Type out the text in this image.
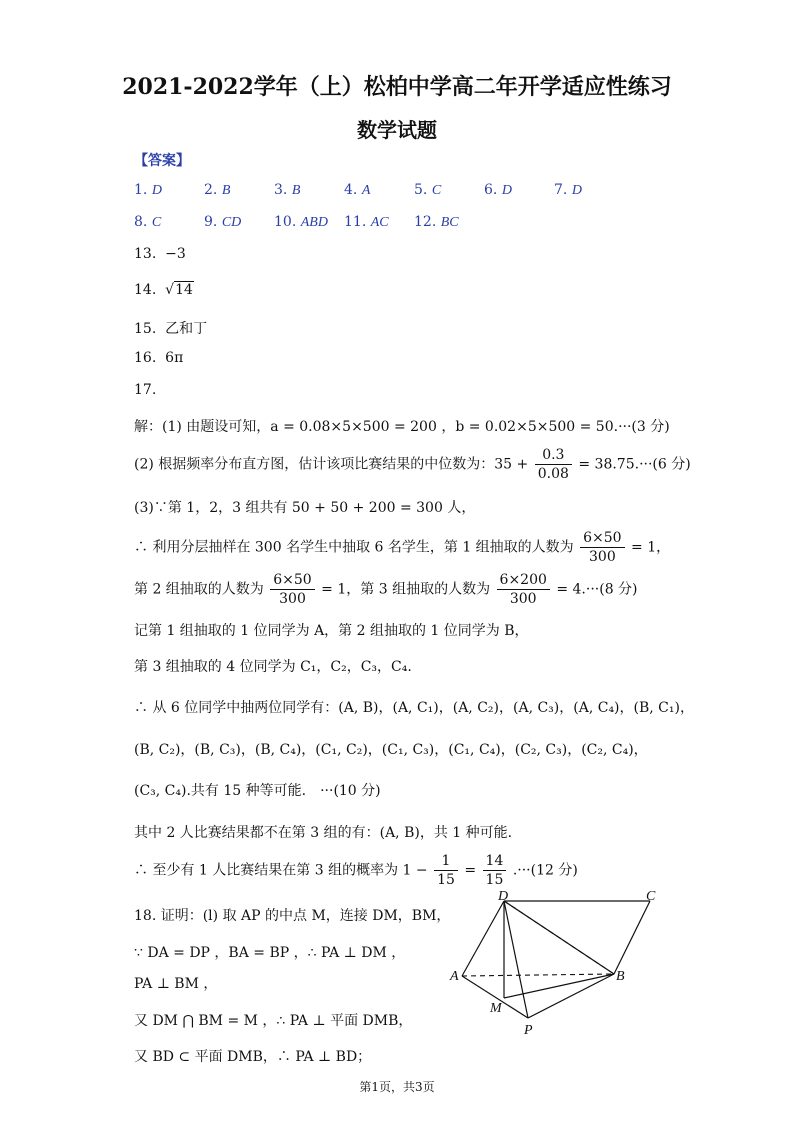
2021-2022学年（上）松柏中学高二年开学适应性练习
数学试题
【答案】
1. D	2. B	3. B	4. A	5. C	6. D	7. D
8. C	9. CD 10. ABD 11. AC 12. BC
13. −3
14.  √14
15. 乙和丁
16. 6π
17.
解：(1) 由题设可知，a = 0.08×5×500 = 200 ，b = 0.02×5×500 = 50.···(3 分)
(2) 根据频率分布直方图，估计该项比赛结果的中位数为：$35 + \frac{0.3}{0.08} = 38.75.\cdot\cdot\cdot(6$ 分)
(3)∵第 1，2，3 组共有 50 + 50 + 200 = 300 人，
∴ 利用分层抽样在 300 名学生中抽取 6 名学生，第 1 组抽取的人数为 $\frac{6\times 50}{300} = 1$，
第 2 组抽取的人数为 $\frac{6\times 50}{300} = 1$，第 3 组抽取的人数为 $\frac{6\times 200}{300} = 4.\cdot\cdot\cdot(8$ 分)
记第 1 组抽取的 1 位同学为 A，第 2 组抽取的 1 位同学为 B，
第 3 组抽取的 4 位同学为 C₁，C₂，C₃，C₄.
∴ 从 6 位同学中抽两位同学有：(A, B)，(A, C₁)，(A, C₂)，(A, C₃)，(A, C₄)，(B, C₁)，
(B, C₂)，(B, C₃)，(B, C₄)，(C₁, C₂)，(C₁, C₃)，(C₁, C₄)，(C₂, C₃)，(C₂, C₄)，
(C₃, C₄).共有 15 种等可能.　···(10 分)
其中 2 人比赛结果都不在第 3 组的有：(A, B)，共 1 种可能.
∴ 至少有 1 人比赛结果在第 3 组的概率为 $1 - \frac{1}{15} = \frac{14}{15} .\cdot\cdot\cdot(12$ 分)
18. 证明：(l) 取 AP 的中点 M，连接 DM，BM，
∵ DA = DP ，BA = BP ，∴ PA ⊥ DM ，
PA ⊥ BM ，
又 DM ⋂ BM = M ，∴ PA ⊥ 平面 DMB，
又 BD ⊂ 平面 DMB，∴ PA ⊥ BD；
D	C
A	B
M
P
第1页，共3页
